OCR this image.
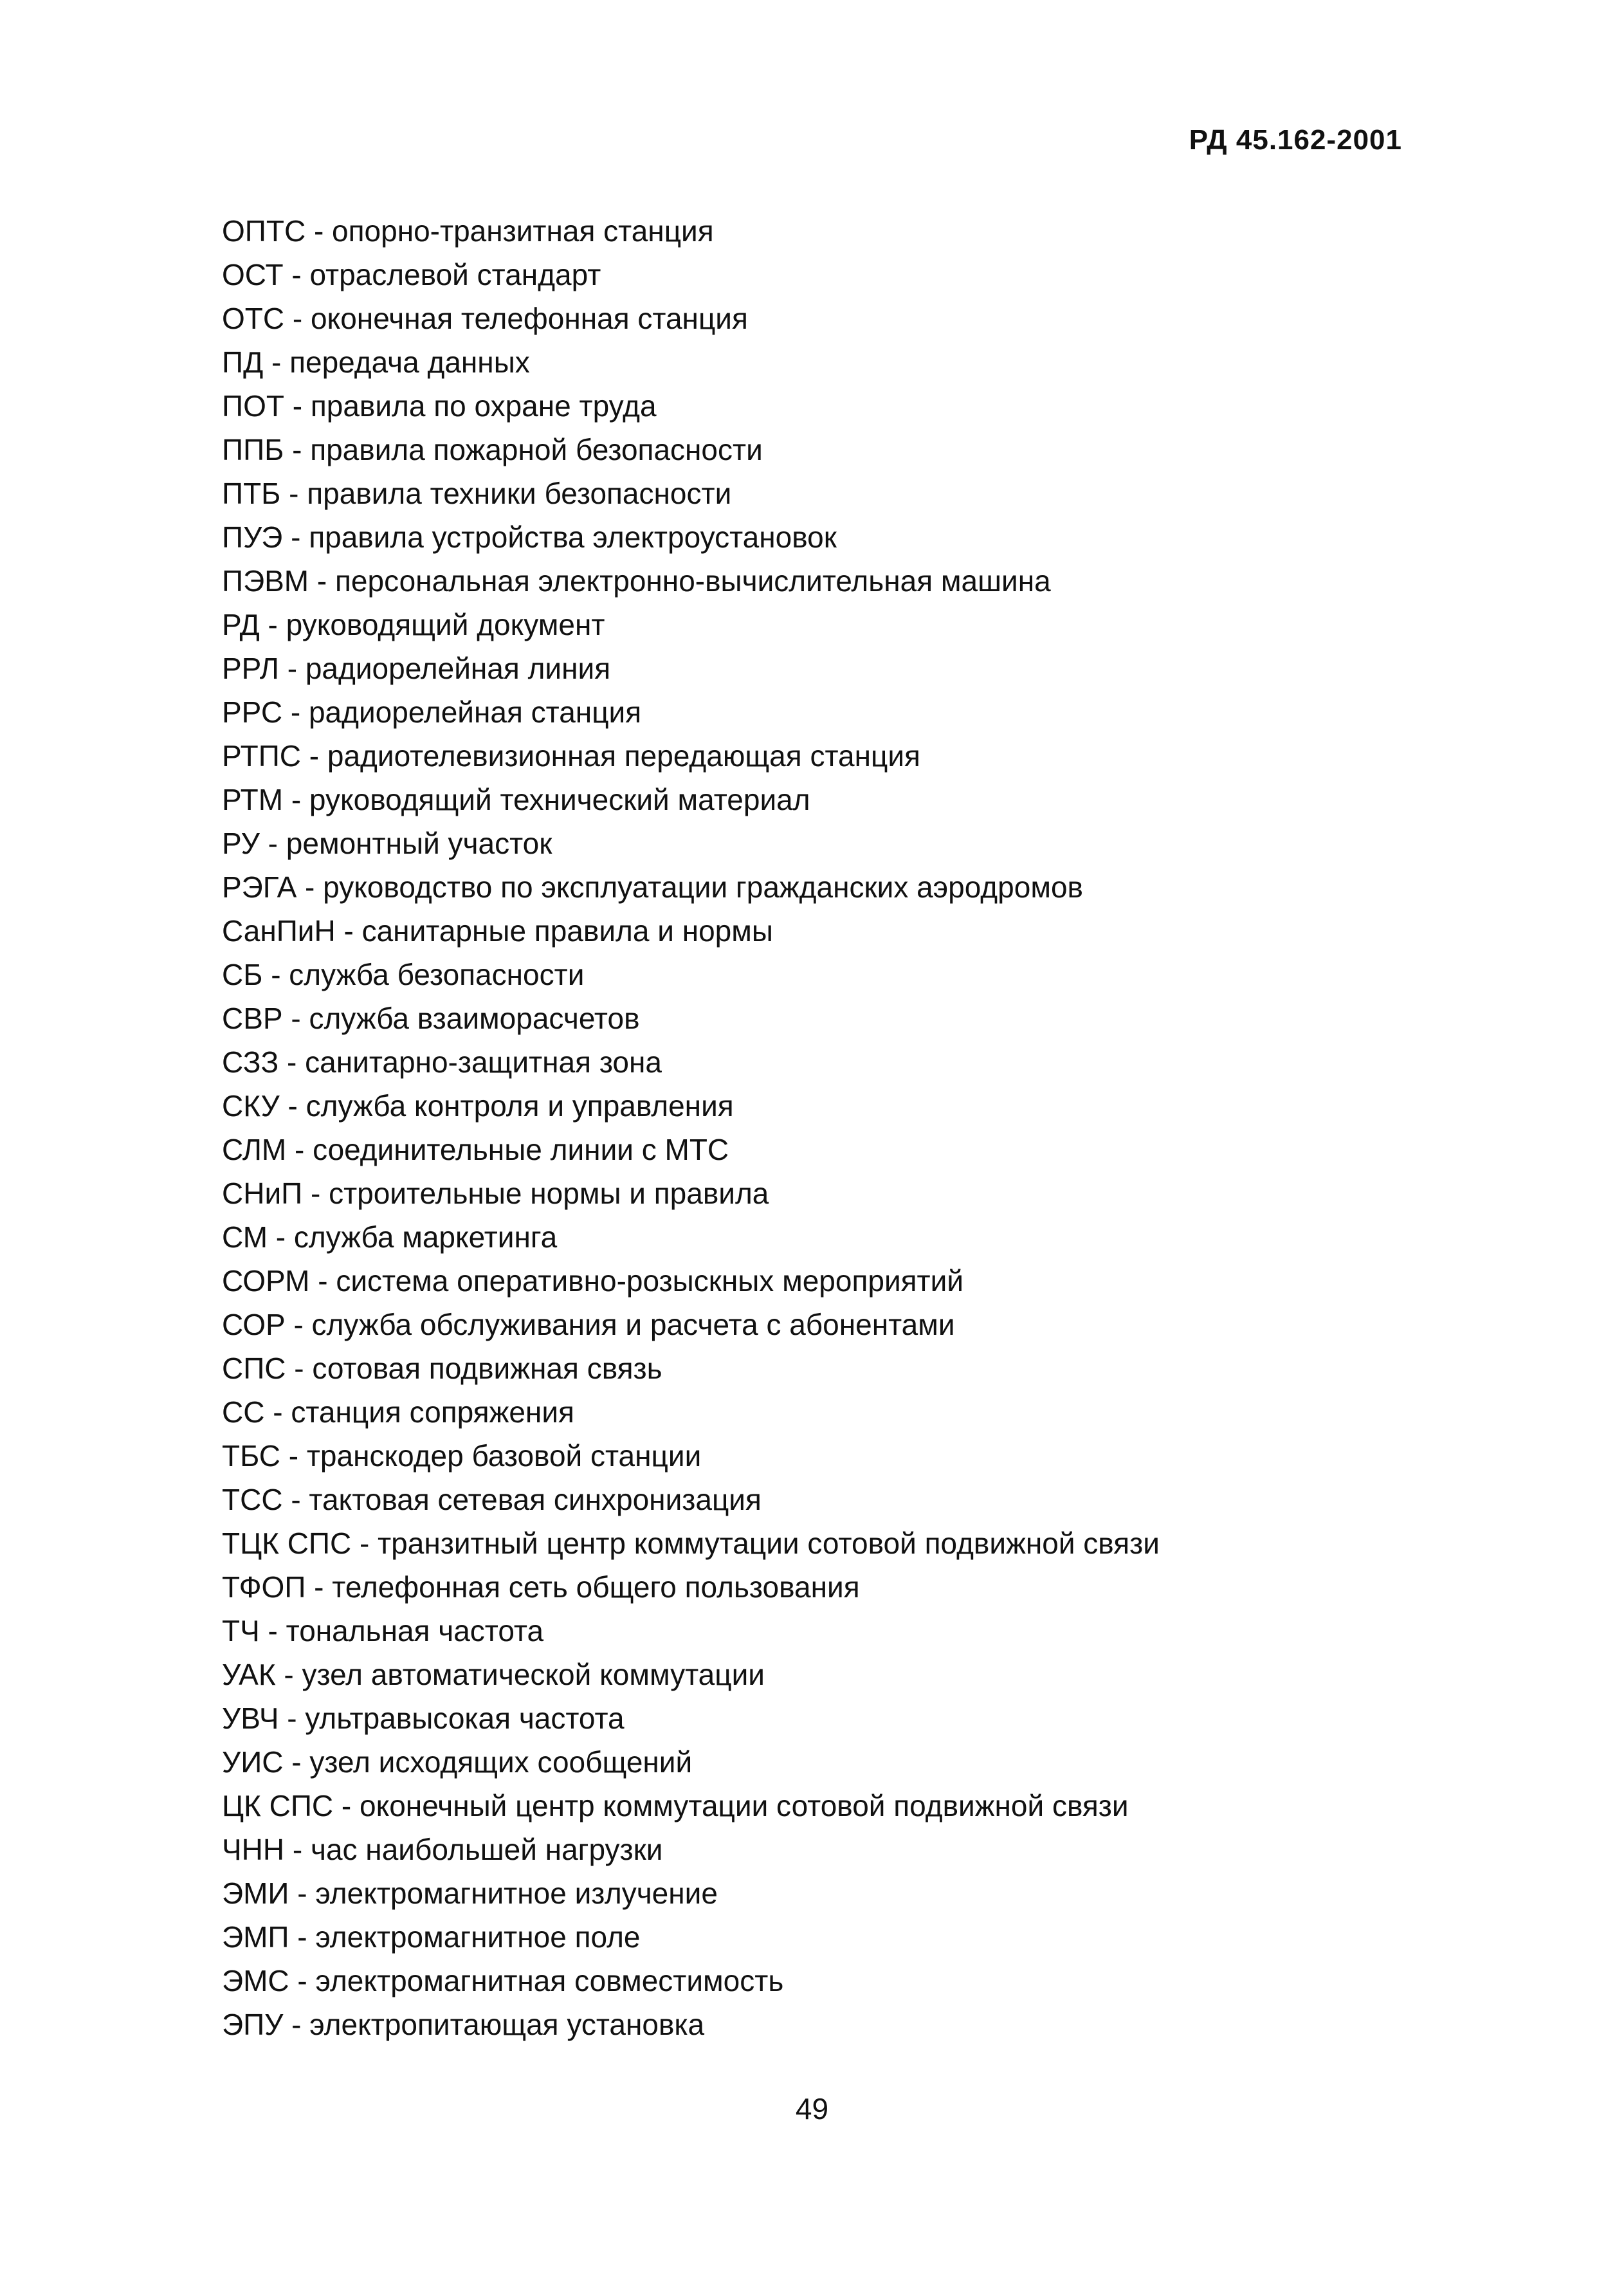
РД 45.162-2001
ОПТС - опорно-транзитная станция
ОСТ - отраслевой стандарт
ОТС - оконечная телефонная станция
ПД - передача данных
ПОТ - правила по охране труда
ППБ - правила пожарной безопасности
ПТБ - правила техники безопасности
ПУЭ - правила устройства электроустановок
ПЭВМ - персональная электронно-вычислительная машина
РД - руководящий документ
РРЛ - радиорелейная линия
РРС - радиорелейная станция
РТПС - радиотелевизионная передающая станция
РТМ - руководящий технический материал
РУ - ремонтный участок
РЭГА - руководство по эксплуатации гражданских аэродромов
СанПиН - санитарные правила и нормы
СБ - служба безопасности
СВР - служба взаиморасчетов
СЗЗ - санитарно-защитная зона
СКУ - служба контроля и управления
СЛМ - соединительные линии с МТС
СНиП - строительные нормы и правила
СМ - служба маркетинга
СОРМ - система оперативно-розыскных мероприятий
СОР - служба обслуживания и расчета с абонентами
СПС - сотовая подвижная связь
СС - станция сопряжения
ТБС - транскодер базовой станции
ТСС - тактовая сетевая синхронизация
ТЦК СПС - транзитный центр коммутации сотовой подвижной связи
ТФОП - телефонная сеть общего пользования
ТЧ - тональная частота
УАК - узел автоматической коммутации
УВЧ - ультравысокая частота
УИС - узел исходящих сообщений
ЦК СПС - оконечный центр коммутации сотовой подвижной связи
ЧНН - час наибольшей нагрузки
ЭМИ - электромагнитное излучение
ЭМП - электромагнитное поле
ЭМС - электромагнитная совместимость
ЭПУ - электропитающая установка
49
